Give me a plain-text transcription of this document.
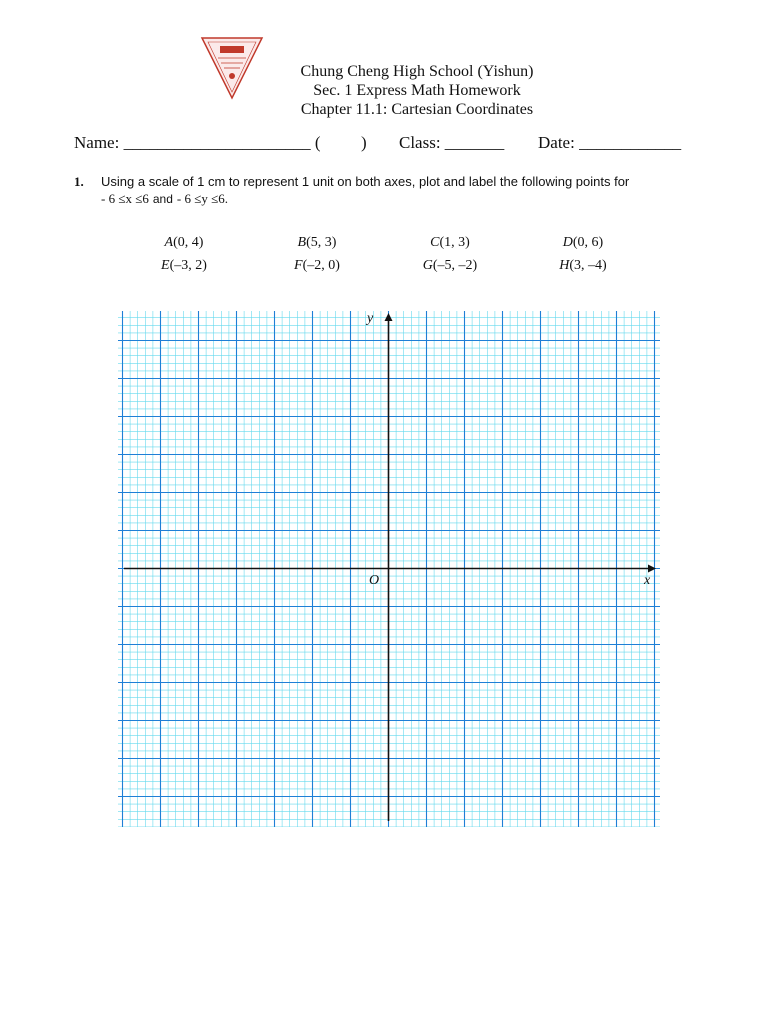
Chung Cheng High School (Yishun)
Sec. 1 Express Math Homework
Chapter 11.1: Cartesian Coordinates
Name: ______________________ ( ) Class: _______ Date: ____________
1. Using a scale of 1 cm to represent 1 unit on both axes, plot and label the following points for
- 6 ≤x ≤6 and - 6 ≤y ≤6.
A(0, 4)	B(5, 3)	C(1, 3)	D(0, 6)
E(–3, 2)	F(–2, 0)	G(–5, –2)	H(3, –4)
y
x
O
